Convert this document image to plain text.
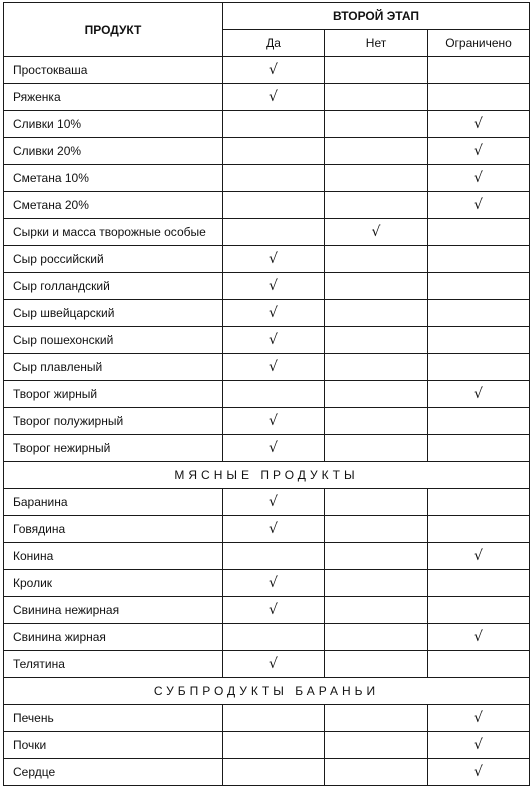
ПРОДУКТ	ВТОРОЙ ЭТАП		
	Да	Нет	Ограничено
Простокваша	√		
Ряженка	√		
Сливки 10%			√
Сливки 20%			√
Сметана 10%			√
Сметана 20%			√
Сырки и масса творожные особые		√	
Сыр российский	√		
Сыр голландский	√		
Сыр швейцарский	√		
Сыр пошехонский	√		
Сыр плавленый	√		
Творог жирный			√
Творог полужирный	√		
Творог нежирный	√		
МЯСНЫЕ ПРОДУКТЫ			
Баранина	√		
Говядина	√		
Конина			√
Кролик	√		
Свинина нежирная	√		
Свинина жирная			√
Телятина	√		
СУБПРОДУКТЫ БАРАНЬИ			
Печень			√
Почки			√
Сердце			√
